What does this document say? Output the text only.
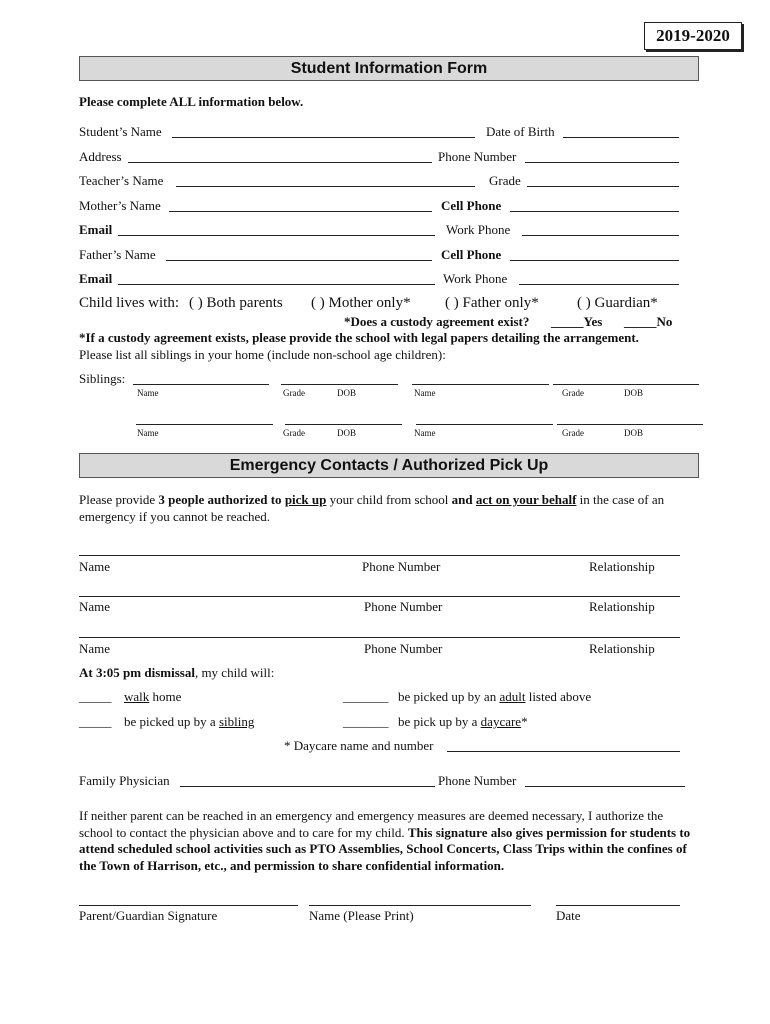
2019-2020
Student Information Form
Please complete ALL information below.
Student’s Name	Date of Birth
Address	Phone Number
Teacher’s Name	Grade
Mother’s Name	Cell Phone
Email	Work Phone
Father’s Name	Cell Phone
Email	Work Phone
Child lives with: ( ) Both parents ( ) Mother only* ( ) Father only*	( ) Guardian*
*Does a custody agreement exist? _____Yes _____No
*If a custody agreement exists, please provide the school with legal papers detailing the arrangement.
Please list all siblings in your home (include non-school age children):
Siblings:
Name	Grade	DOB	Name	Grade	DOB
Name	Grade	DOB	Name	Grade	DOB
Emergency Contacts / Authorized Pick Up
Please provide 3 people authorized to pick up your child from school and act on your behalf in the case of an emergency if you cannot be reached.
Name	Phone Number	Relationship
Name	Phone Number	Relationship
Name	Phone Number	Relationship
At 3:05 pm dismissal, my child will:
_____ walk home	_______ be picked up by an adult listed above
_____ be picked up by a sibling	_______ be pick up by a daycare*
* Daycare name and number
Family Physician	Phone Number
If neither parent can be reached in an emergency and emergency measures are deemed necessary, I authorize the school to contact the physician above and to care for my child. This signature also gives permission for students to attend scheduled school activities such as PTO Assemblies, School Concerts, Class Trips within the confines of the Town of Harrison, etc., and permission to share confidential information.
Parent/Guardian Signature	Name (Please Print)	Date
